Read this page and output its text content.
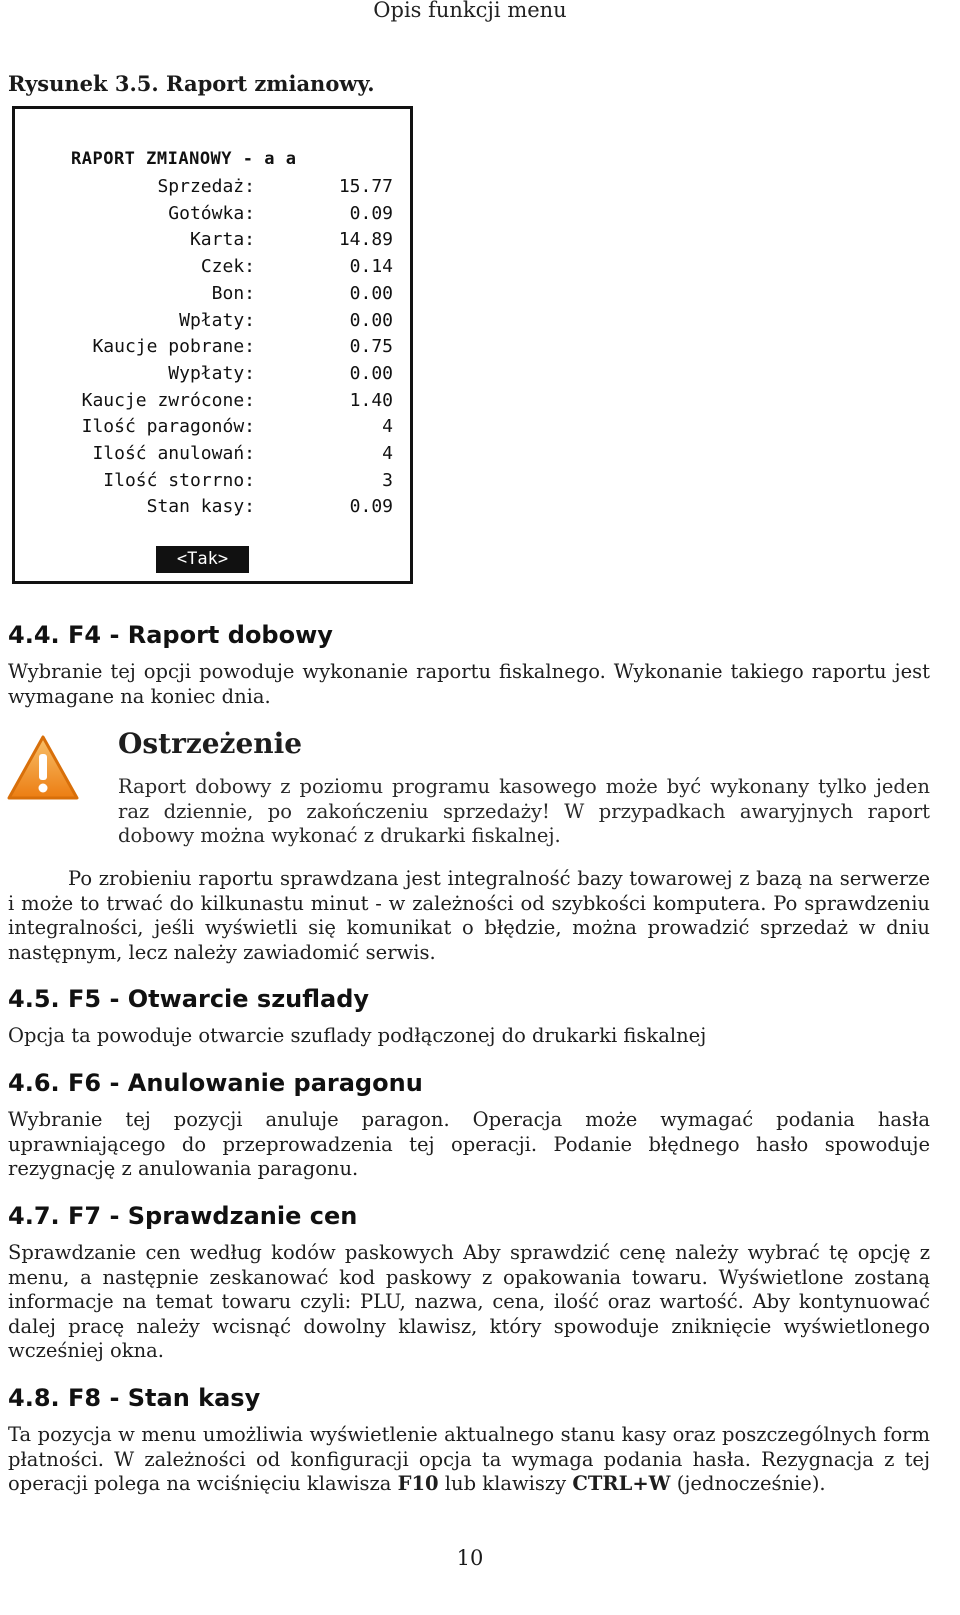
Opis funkcji menu
Rysunek 3.5. Raport zmianowy.
RAPORT ZMIANOWY - a a
Sprzedaż:	15.77
Gotówka:	0.09
Karta:	14.89
Czek:	0.14
Bon:	0.00
Wpłaty:	0.00
Kaucje pobrane:	0.75
Wypłaty:	0.00
Kaucje zwrócone:	1.40
Ilość paragonów:	4
Ilość anulowań:	4
Ilość storrno:	3
Stan kasy:	0.09
<Tak>
4.4. F4 - Raport dobowy

Wybranie tej opcji powoduje wykonanie raportu fiskalnego. Wykonanie takiego raportu jest wymagane na koniec dnia.

Ostrzeżenie

Raport dobowy z poziomu programu kasowego może być wykonany tylko jeden raz dziennie, po zakończeniu sprzedaży! W przypadkach awaryjnych raport dobowy można wykonać z drukarki fiskalnej.

Po zrobieniu raportu sprawdzana jest integralność bazy towarowej z bazą na serwerze i może to trwać do kilkunastu minut - w zależności od szybkości komputera. Po sprawdzeniu integralności, jeśli wyświetli się komunikat o błędzie, można prowadzić sprzedaż w dniu następnym, lecz należy zawiadomić serwis.

4.5. F5 - Otwarcie szuflady

Opcja ta powoduje otwarcie szuflady podłączonej do drukarki fiskalnej

4.6. F6 - Anulowanie paragonu

Wybranie tej pozycji anuluje paragon. Operacja może wymagać podania hasła uprawniającego do przeprowadzenia tej operacji. Podanie błędnego hasło spowoduje rezygnację z anulowania paragonu.

4.7. F7 - Sprawdzanie cen

Sprawdzanie cen według kodów paskowych Aby sprawdzić cenę należy wybrać tę opcję z menu, a następnie zeskanować kod paskowy z opakowania towaru. Wyświetlone zostaną informacje na temat towaru czyli: PLU, nazwa, cena, ilość oraz wartość. Aby kontynuować dalej pracę należy wcisnąć dowolny klawisz, który spowoduje zniknięcie wyświetlonego wcześniej okna.

4.8. F8 - Stan kasy

Ta pozycja w menu umożliwia wyświetlenie aktualnego stanu kasy oraz poszczególnych form płatności. W zależności od konfiguracji opcja ta wymaga podania hasła. Rezygnacja z tej operacji polega na wciśnięciu klawisza F10 lub klawiszy CTRL+W (jednocześnie).

10
